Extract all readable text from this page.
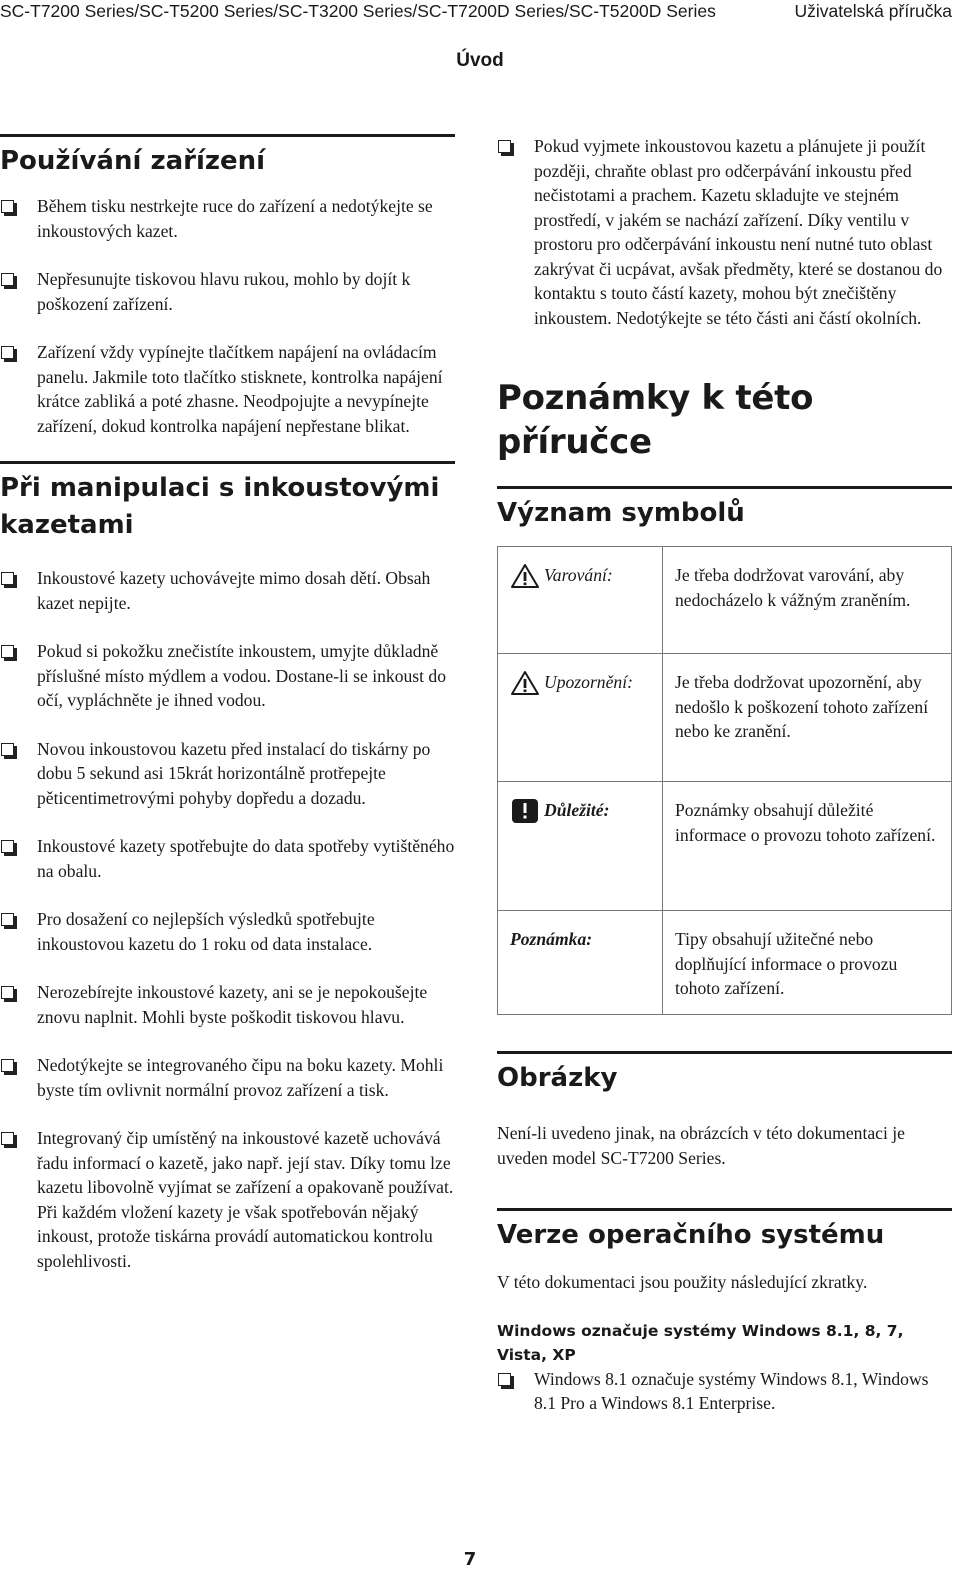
SC-T7200 Series/SC-T5200 Series/SC-T3200 Series/SC-T7200D Series/SC-T5200D Series	Uživatelská příručka
Úvod
Používání zařízení
Během tisku nestrkejte ruce do zařízení a nedotýkejte se inkoustových kazet.
Nepřesunujte tiskovou hlavu rukou, mohlo by dojít k poškození zařízení.
Zařízení vždy vypínejte tlačítkem napájení na ovládacím panelu. Jakmile toto tlačítko stisknete, kontrolka napájení krátce zabliká a poté zhasne. Neodpojujte a nevypínejte zařízení, dokud kontrolka napájení nepřestane blikat.
Při manipulaci s inkoustovými kazetami
Inkoustové kazety uchovávejte mimo dosah dětí. Obsah kazet nepijte.
Pokud si pokožku znečistíte inkoustem, umyjte důkladně příslušné místo mýdlem a vodou. Dostane-li se inkoust do očí, vypláchněte je ihned vodou.
Novou inkoustovou kazetu před instalací do tiskárny po dobu 5 sekund asi 15krát horizontálně protřepejte pěticentimetrovými pohyby dopředu a dozadu.
Inkoustové kazety spotřebujte do data spotřeby vytištěného na obalu.
Pro dosažení co nejlepších výsledků spotřebujte inkoustovou kazetu do 1 roku od data instalace.
Nerozebírejte inkoustové kazety, ani se je nepokoušejte znovu naplnit. Mohli byste poškodit tiskovou hlavu.
Nedotýkejte se integrovaného čipu na boku kazety. Mohli byste tím ovlivnit normální provoz zařízení a tisk.
Integrovaný čip umístěný na inkoustové kazetě uchovává řadu informací o kazetě, jako např. její stav. Díky tomu lze kazetu libovolně vyjímat se zařízení a opakovaně používat. Při každém vložení kazety je však spotřebován nějaký inkoust, protože tiskárna provádí automatickou kontrolu spolehlivosti.
Pokud vyjmete inkoustovou kazetu a plánujete ji použít později, chraňte oblast pro odčerpávání inkoustu před nečistotami a prachem. Kazetu skladujte ve stejném prostředí, v jakém se nachází zařízení. Díky ventilu v prostoru pro odčerpávání inkoustu není nutné tuto oblast zakrývat či ucpávat, avšak předměty, které se dostanou do kontaktu s touto částí kazety, mohou být znečištěny inkoustem. Nedotýkejte se této části ani částí okolních.
Poznámky k této příručce
Význam symbolů
Varování:	Je třeba dodržovat varování, aby nedocházelo k vážným zraněním.

Upozornění:	Je třeba dodržovat upozornění, aby nedošlo k poškození tohoto zařízení nebo ke zranění.

Důležité:	Poznámky obsahují důležité informace o provozu tohoto zařízení.
Poznámka:	Tipy obsahují užitečné nebo doplňující informace o provozu tohoto zařízení.
Obrázky

Není-li uvedeno jinak, na obrázcích v této dokumentaci je uveden model SC-T7200 Series.

Verze operačního systému

V této dokumentaci jsou použity následující zkratky.

Windows označuje systémy Windows 8.1, 8, 7, Vista, XP
Windows 8.1 označuje systémy Windows 8.1, Windows 8.1 Pro a Windows 8.1 Enterprise.
7
